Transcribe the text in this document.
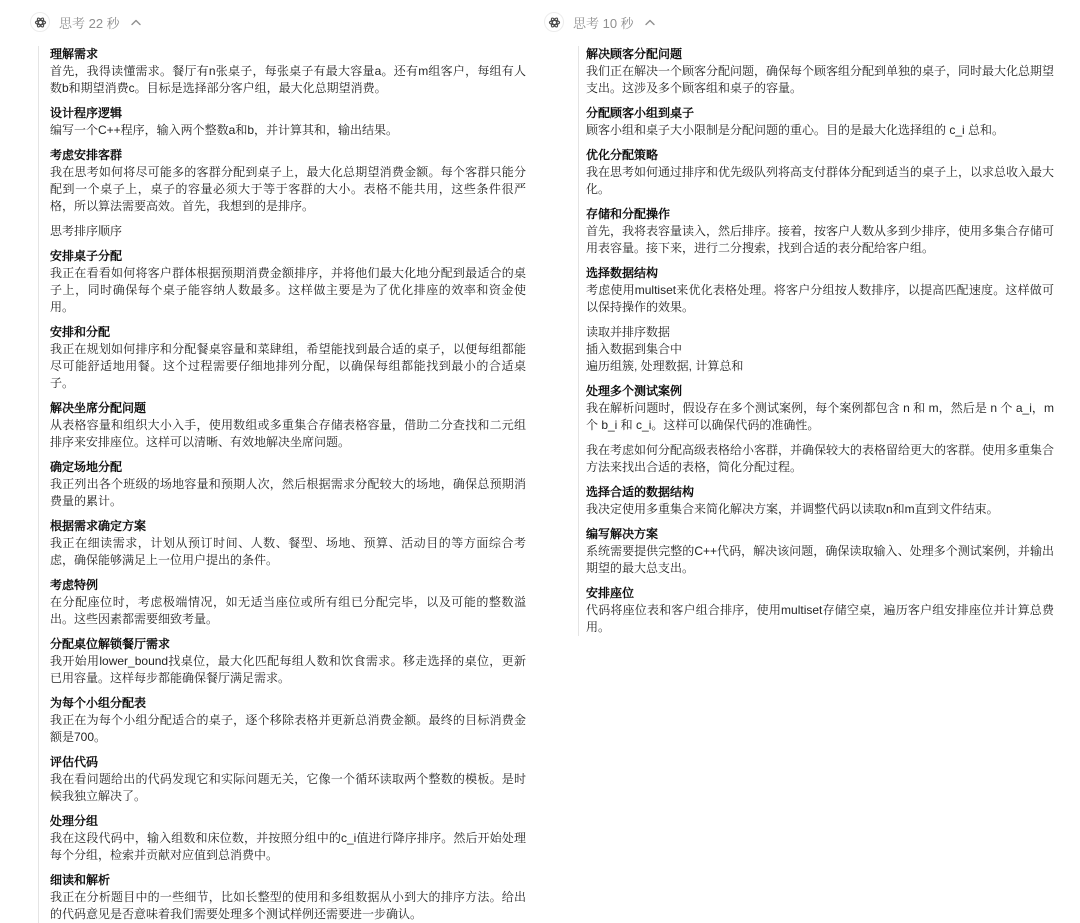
思考 22 秒
理解需求

首先，我得读懂需求。餐厅有n张桌子，每张桌子有最大容量a。还有m组客户，每组有人数b和期望消费c。目标是选择部分客户组，最大化总期望消费。

设计程序逻辑

编写一个C++程序，输入两个整数a和b，并计算其和，输出结果。

考虑安排客群

我在思考如何将尽可能多的客群分配到桌子上，最大化总期望消费金额。每个客群只能分配到一个桌子上，桌子的容量必须大于等于客群的大小。表格不能共用，这些条件很严格，所以算法需要高效。首先，我想到的是排序。

思考排序顺序

安排桌子分配

我正在看看如何将客户群体根据预期消费金额排序，并将他们最大化地分配到最适合的桌子上，同时确保每个桌子能容纳人数最多。这样做主要是为了优化排座的效率和资金使用。

安排和分配

我正在规划如何排序和分配餐桌容量和菜肆组，希望能找到最合适的桌子，以便每组都能尽可能舒适地用餐。这个过程需要仔细地排列分配，以确保每组都能找到最小的合适桌子。

解决坐席分配问题

从表格容量和组织大小入手，使用数组或多重集合存储表格容量，借助二分查找和二元组排序来安排座位。这样可以清晰、有效地解决坐席问题。

确定场地分配

我正列出各个班级的场地容量和预期人次，然后根据需求分配较大的场地，确保总预期消费量的累计。

根据需求确定方案

我正在细读需求，计划从预订时间、人数、餐型、场地、预算、活动目的等方面综合考虑，确保能够满足上一位用户提出的条件。

考虑特例

在分配座位时，考虑极端情况，如无适当座位或所有组已分配完毕，以及可能的整数溢出。这些因素都需要细致考量。

分配桌位解锁餐厅需求

我开始用lower_bound找桌位，最大化匹配每组人数和饮食需求。移走选择的桌位，更新已用容量。这样每步都能确保餐厅满足需求。

为每个小组分配表

我正在为每个小组分配适合的桌子，逐个移除表格并更新总消费金额。最终的目标消费金额是700。

评估代码

我在看问题给出的代码发现它和实际问题无关，它像一个循环读取两个整数的模板。是时候我独立解决了。

处理分组

我在这段代码中，输入组数和床位数，并按照分组中的c_i值进行降序排序。然后开始处理每个分组，检索并贡献对应值到总消费中。

细读和解析

我正在分析题目中的一些细节，比如长整型的使用和多组数据从小到大的排序方法。给出的代码意见是否意味着我们需要处理多个测试样例还需要进一步确认。

思考 10 秒
解决顾客分配问题

我们正在解决一个顾客分配问题，确保每个顾客组分配到单独的桌子，同时最大化总期望支出。这涉及多个顾客组和桌子的容量。

分配顾客小组到桌子

顾客小组和桌子大小限制是分配问题的重心。目的是最大化选择组的 c_i 总和。

优化分配策略

我在思考如何通过排序和优先级队列将高支付群体分配到适当的桌子上，以求总收入最大化。

存储和分配操作

首先，我将表容量读入，然后排序。接着，按客户人数从多到少排序，使用多集合存储可用表容量。接下来，进行二分搜索，找到合适的表分配给客户组。

选择数据结构

考虑使用multiset来优化表格处理。将客户分组按人数排序，以提高匹配速度。这样做可以保持操作的效果。

读取并排序数据

插入数据到集合中

遍历组簇, 处理数据, 计算总和

处理多个测试案例

我在解析问题时，假设存在多个测试案例，每个案例都包含 n 和 m，然后是 n 个 a_i，m 个 b_i 和 c_i。这样可以确保代码的准确性。

我在考虑如何分配高级表格给小客群，并确保较大的表格留给更大的客群。使用多重集合方法来找出合适的表格，简化分配过程。

选择合适的数据结构

我决定使用多重集合来简化解决方案，并调整代码以读取n和m直到文件结束。

编写解决方案

系统需要提供完整的C++代码，解决该问题，确保读取输入、处理多个测试案例，并输出期望的最大总支出。

安排座位

代码将座位表和客户组合排序，使用multiset存储空桌，遍历客户组安排座位并计算总费用。
